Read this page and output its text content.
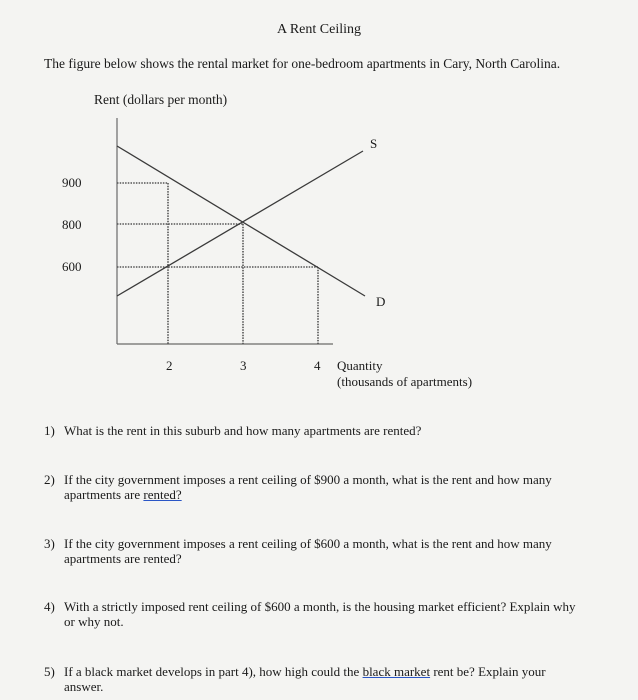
A Rent Ceiling
The figure below shows the rental market for one-bedroom apartments in Cary, North Carolina.
Rent (dollars per month)
900
800
600
2	3	4 Quantity
(thousands of apartments)
S
D
1) What is the rent in this suburb and how many apartments are rented?
2) If the city government imposes a rent ceiling of $900 a month, what is the rent and how many apartments are rented?
3) If the city government imposes a rent ceiling of $600 a month, what is the rent and how many apartments are rented?
4) With a strictly imposed rent ceiling of $600 a month, is the housing market efficient? Explain why or why not.
5) If a black market develops in part 4), how high could the black market rent be? Explain your answer.
